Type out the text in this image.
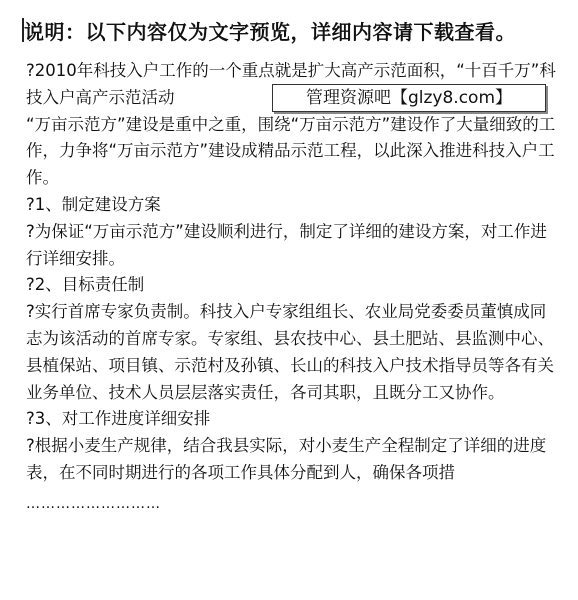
说明：以下内容仅为文字预览，详细内容请下载查看。

?2010年科技入户工作的一个重点就是扩大高产示范面积，“十百千万”科技入户高产示范活动

“万亩示范方”建设是重中之重，围绕“万亩示范方”建设作了大量细致的工作，力争将“万亩示范方”建设成精品示范工程，以此深入推进科技入户工作。

?1、制定建设方案

?为保证“万亩示范方”建设顺利进行，制定了详细的建设方案，对工作进行详细安排。

?2、目标责任制

?实行首席专家负责制。科技入户专家组组长、农业局党委委员董慎成同志为该活动的首席专家。专家组、县农技中心、县土肥站、县监测中心、县植保站、项目镇、示范村及孙镇、长山的科技入户技术指导员等各有关业务单位、技术人员层层落实责任，各司其职，且既分工又协作。

?3、对工作进度详细安排

?根据小麦生产规律，结合我县实际，对小麦生产全程制定了详细的进度表，在不同时期进行的各项工作具体分配到人，确保各项措

………………………
管理资源吧【glzy8.com】
